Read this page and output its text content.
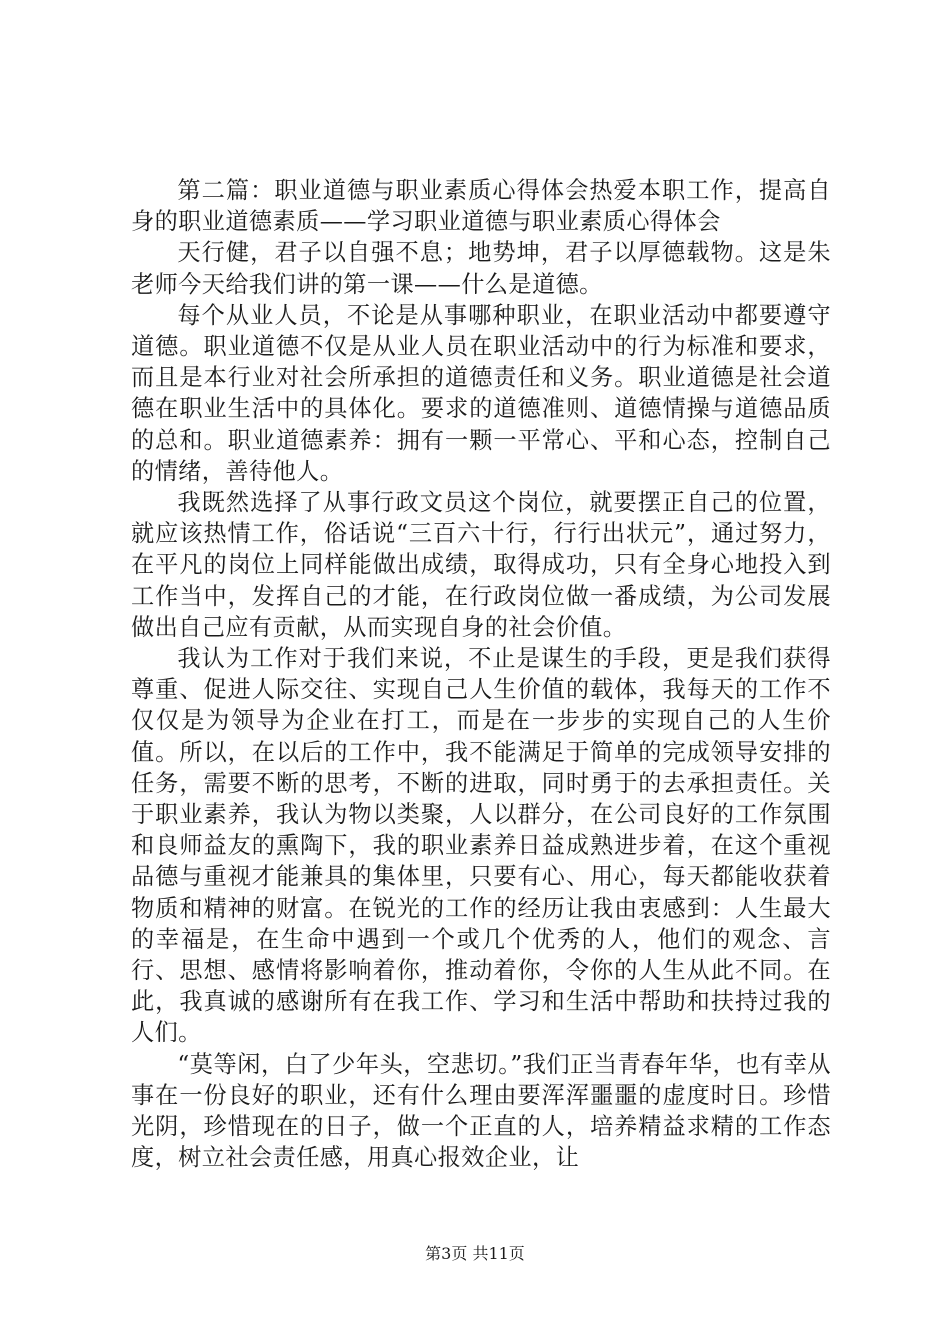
第二篇：职业道德与职业素质心得体会热爱本职工作，提高自身的职业道德素质——学习职业道德与职业素质心得体会

天行健，君子以自强不息；地势坤，君子以厚德载物。这是朱老师今天给我们讲的第一课——什么是道德。

每个从业人员，不论是从事哪种职业，在职业活动中都要遵守道德。职业道德不仅是从业人员在职业活动中的行为标准和要求，而且是本行业对社会所承担的道德责任和义务。职业道德是社会道德在职业生活中的具体化。要求的道德准则、道德情操与道德品质的总和。职业道德素养：拥有一颗一平常心、平和心态，控制自己的情绪，善待他人。

我既然选择了从事行政文员这个岗位，就要摆正自己的位置，就应该热情工作，俗话说“三百六十行，行行出状元”，通过努力，在平凡的岗位上同样能做出成绩，取得成功，只有全身心地投入到工作当中，发挥自己的才能，在行政岗位做一番成绩，为公司发展做出自己应有贡献，从而实现自身的社会价值。

我认为工作对于我们来说，不止是谋生的手段，更是我们获得尊重、促进人际交往、实现自己人生价值的载体，我每天的工作不仅仅是为领导为企业在打工，而是在一步步的实现自己的人生价值。所以，在以后的工作中，我不能满足于简单的完成领导安排的任务，需要不断的思考，不断的进取，同时勇于的去承担责任。关于职业素养，我认为物以类聚，人以群分，在公司良好的工作氛围和良师益友的熏陶下，我的职业素养日益成熟进步着，在这个重视品德与重视才能兼具的集体里，只要有心、用心，每天都能收获着物质和精神的财富。在锐光的工作的经历让我由衷感到：人生最大的幸福是，在生命中遇到一个或几个优秀的人，他们的观念、言行、思想、感情将影响着你，推动着你，令你的人生从此不同。在此，我真诚的感谢所有在我工作、学习和生活中帮助和扶持过我的人们。

“莫等闲，白了少年头，空悲切。”我们正当青春年华，也有幸从事在一份良好的职业，还有什么理由要浑浑噩噩的虚度时日。珍惜光阴，珍惜现在的日子，做一个正直的人，培养精益求精的工作态度，树立社会责任感，用真心报效企业，让

第3页 共11页
